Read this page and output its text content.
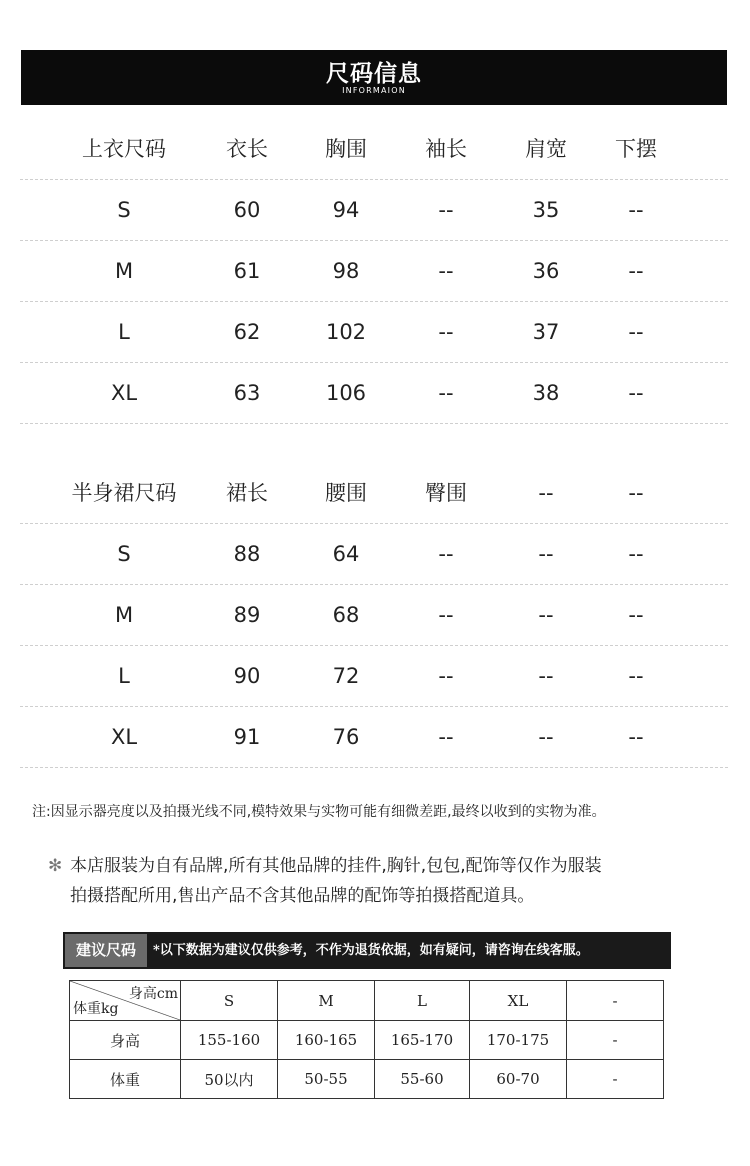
尺码信息
INFORMAION
上衣尺码	衣长	胸围	袖长	肩宽 下摆
S	60	94	--	35	--
M	61	98	--	36	--
L	62	102	--	37	--
XL	63	106	--	38	--
半身裙尺码 裙长	腰围	臀围	--	--
S	88	64	--	--	--
M	89	68	--	--	--
L	90	72	--	--	--
XL	91	76	--	--	--
注:因显示器亮度以及拍摄光线不同,模特效果与实物可能有细微差距,最终以收到的实物为准。
✻ 本店服装为自有品牌,所有其他品牌的挂件,胸针,包包,配饰等仅作为服装
拍摄搭配所用,售出产品不含其他品牌的配饰等拍摄搭配道具。
建议尺码	*以下数据为建议仅供参考，不作为退货依据，如有疑问，请咨询在线客服。
身高cm
体重kg	S	M	L	XL	-
身高	155-160	160-165	165-170	170-175	-
体重	50以内	50-55	55-60	60-70	-
